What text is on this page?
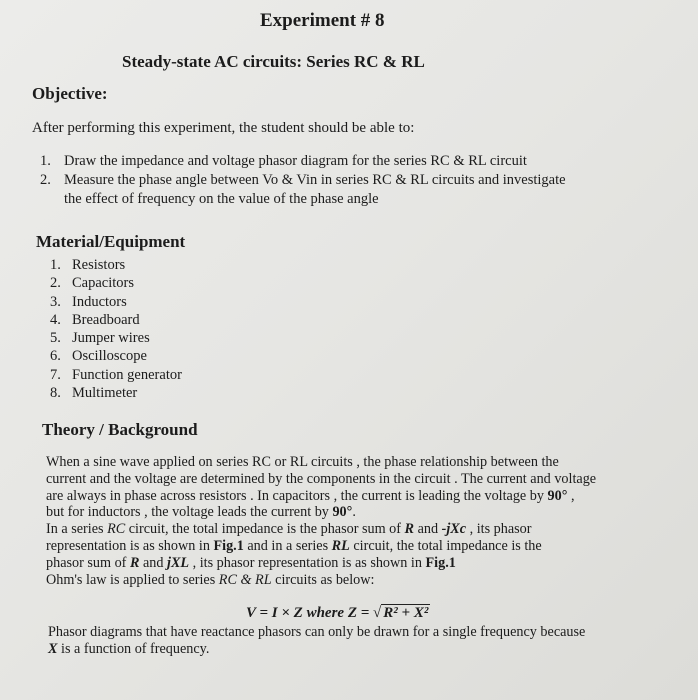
Experiment # 8
Steady-state AC circuits: Series RC & RL
Objective:
After performing this experiment, the student should be able to:
1. Draw the impedance and voltage phasor diagram for the series RC & RL circuit
2. Measure the phase angle between Vo & Vin in series RC & RL circuits and investigate
the effect of frequency on the value of the phase angle
Material/Equipment
1. Resistors
2. Capacitors
3. Inductors
4. Breadboard
5. Jumper wires
6. Oscilloscope
7. Function generator
8. Multimeter
Theory / Background
When a sine wave applied on series RC or RL circuits , the phase relationship between the
current and the voltage are determined by the components in the circuit . The current and voltage
are always in phase across resistors . In capacitors , the current is leading the voltage by 90° ,
but for inductors , the voltage leads the current by 90°.
In a series RC circuit, the total impedance is the phasor sum of R and -jXc , its phasor
representation is as shown in Fig.1 and in a series RL circuit, the total impedance is the
phasor sum of R and jXL , its phasor representation is as shown in Fig.1
Ohm's law is applied to series RC & RL circuits as below:
V = I × Z where Z = √ R² + X²
Phasor diagrams that have reactance phasors can only be drawn for a single frequency because
X is a function of frequency.
